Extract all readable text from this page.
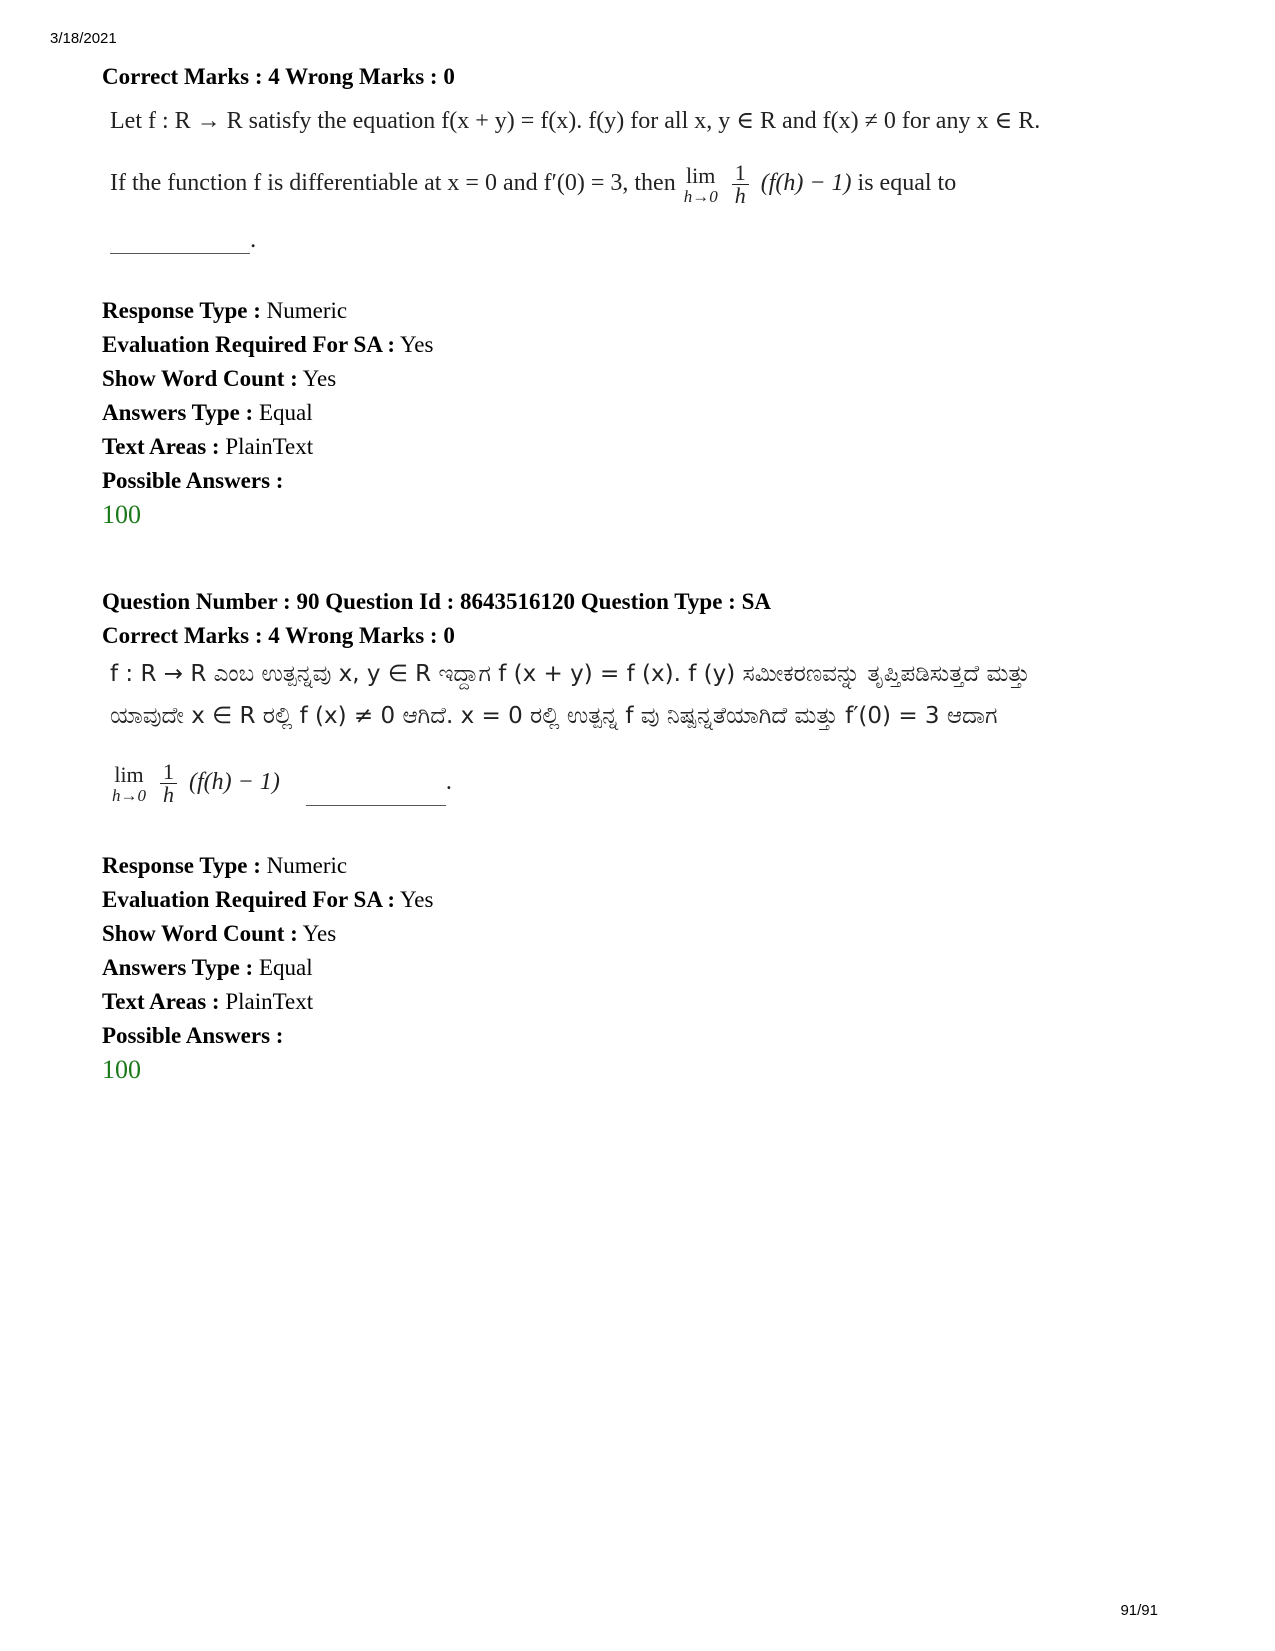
3/18/2021
Correct Marks : 4 Wrong Marks : 0
Let f : R → R satisfy the equation f(x + y) = f(x). f(y) for all x, y ∈ R and f(x) ≠ 0 for any x ∈ R.
If the function f is differentiable at x = 0 and f′(0) = 3, then lim
h→0
$\frac{1}{h} (f(h) - 1)$ is equal to
.
Response Type : Numeric
Evaluation Required For SA : Yes
Show Word Count : Yes
Answers Type : Equal
Text Areas : PlainText
Possible Answers :
100
Question Number : 90 Question Id : 8643516120 Question Type : SA
Correct Marks : 4 Wrong Marks : 0
f : R → R ಎಂಬ ಉತ್ಪನ್ನವು x, y ∈ R ಇದ್ದಾಗ f (x + y) = f (x). f (y) ಸಮೀಕರಣವನ್ನು ತೃಪ್ತಿಪಡಿಸುತ್ತದೆ ಮತ್ತು
ಯಾವುದೇ x ∈ R ರಲ್ಲಿ f (x) ≠ 0 ಆಗಿದೆ. x = 0 ರಲ್ಲಿ ಉತ್ಪನ್ನ f ವು ನಿಷ್ಪನ್ನತೆಯಾಗಿದೆ ಮತ್ತು f′(0) = 3 ಆದಾಗ
lim
h→0
$\frac{1}{h} (f(h) - 1)$	.
Response Type : Numeric
Evaluation Required For SA : Yes
Show Word Count : Yes
Answers Type : Equal
Text Areas : PlainText
Possible Answers :
100
91/91
